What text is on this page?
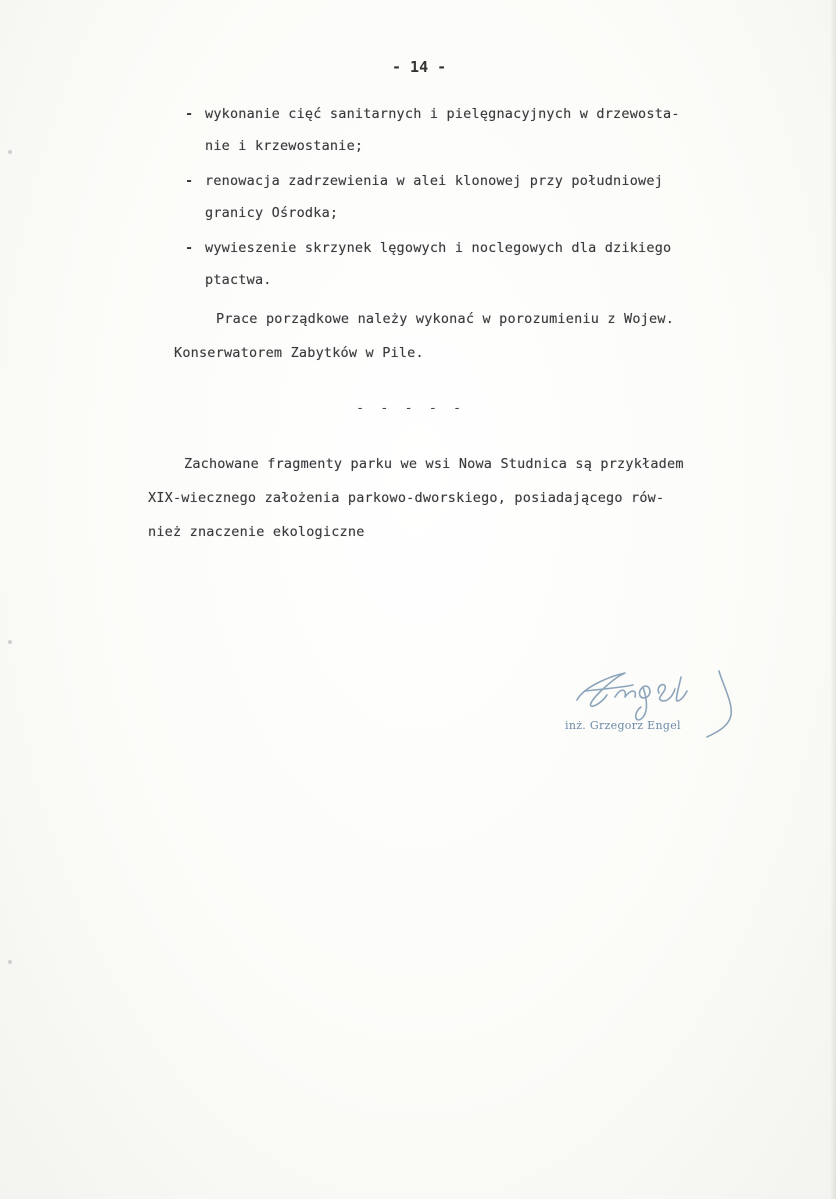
- 14 -
- wykonanie cięć sanitarnych i pielęgnacyjnych w drzewosta-
nie i krzewostanie;
- renowacja zadrzewienia w alei klonowej przy południowej
granicy Ośrodka;
- wywieszenie skrzynek lęgowych i noclegowych dla dzikiego
ptactwa.
Prace porządkowe należy wykonać w porozumieniu z Wojew.
Konserwatorem Zabytków w Pile.
- - - - -
Zachowane fragmenty parku we wsi Nowa Studnica są przykładem
XIX-wiecznego założenia parkowo-dworskiego, posiadającego rów-
nież znaczenie ekologiczne
inż. Grzegorz Engel
